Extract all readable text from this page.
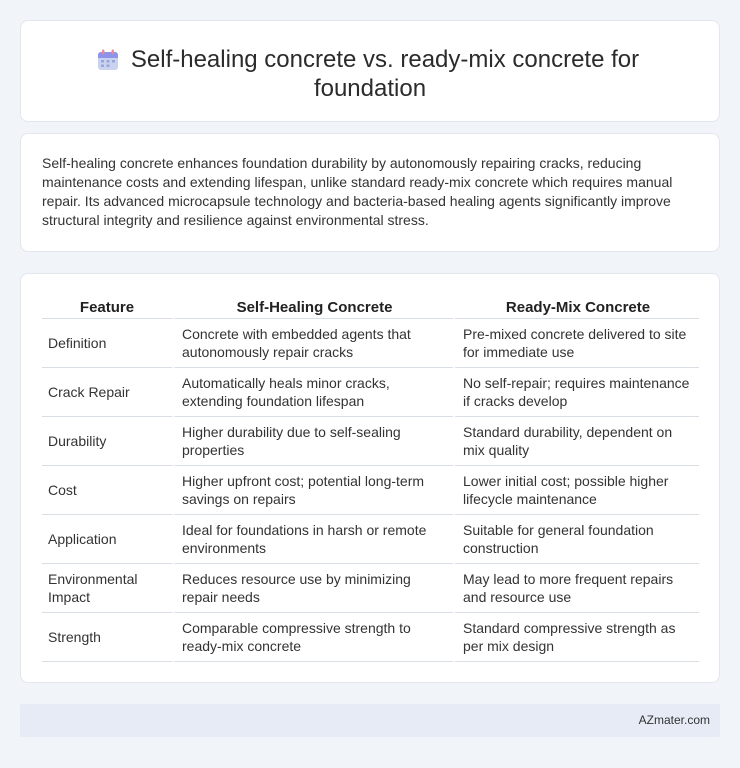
Self-healing concrete vs. ready-mix concrete for
foundation

Self-healing concrete enhances foundation durability by autonomously repairing cracks, reducing maintenance costs and extending lifespan, unlike standard ready-mix concrete which requires manual repair. Its advanced microcapsule technology and bacteria-based healing agents significantly improve structural integrity and resilience against environmental stress.

Feature	Self-Healing Concrete	Ready-Mix Concrete
Definition	Concrete with embedded agents that autonomously repair cracks	Pre-mixed concrete delivered to site for immediate use
Crack Repair	Automatically heals minor cracks, extending foundation lifespan	No self-repair; requires maintenance if cracks develop
Durability	Higher durability due to self-sealing properties	Standard durability, dependent on mix quality
Cost	Higher upfront cost; potential long-term savings on repairs	Lower initial cost; possible higher lifecycle maintenance
Application	Ideal for foundations in harsh or remote environments	Suitable for general foundation construction
Environmental Impact	Reduces resource use by minimizing repair needs	May lead to more frequent repairs and resource use
Strength	Comparable compressive strength to ready-mix concrete	Standard compressive strength as per mix design
AZmater.com
